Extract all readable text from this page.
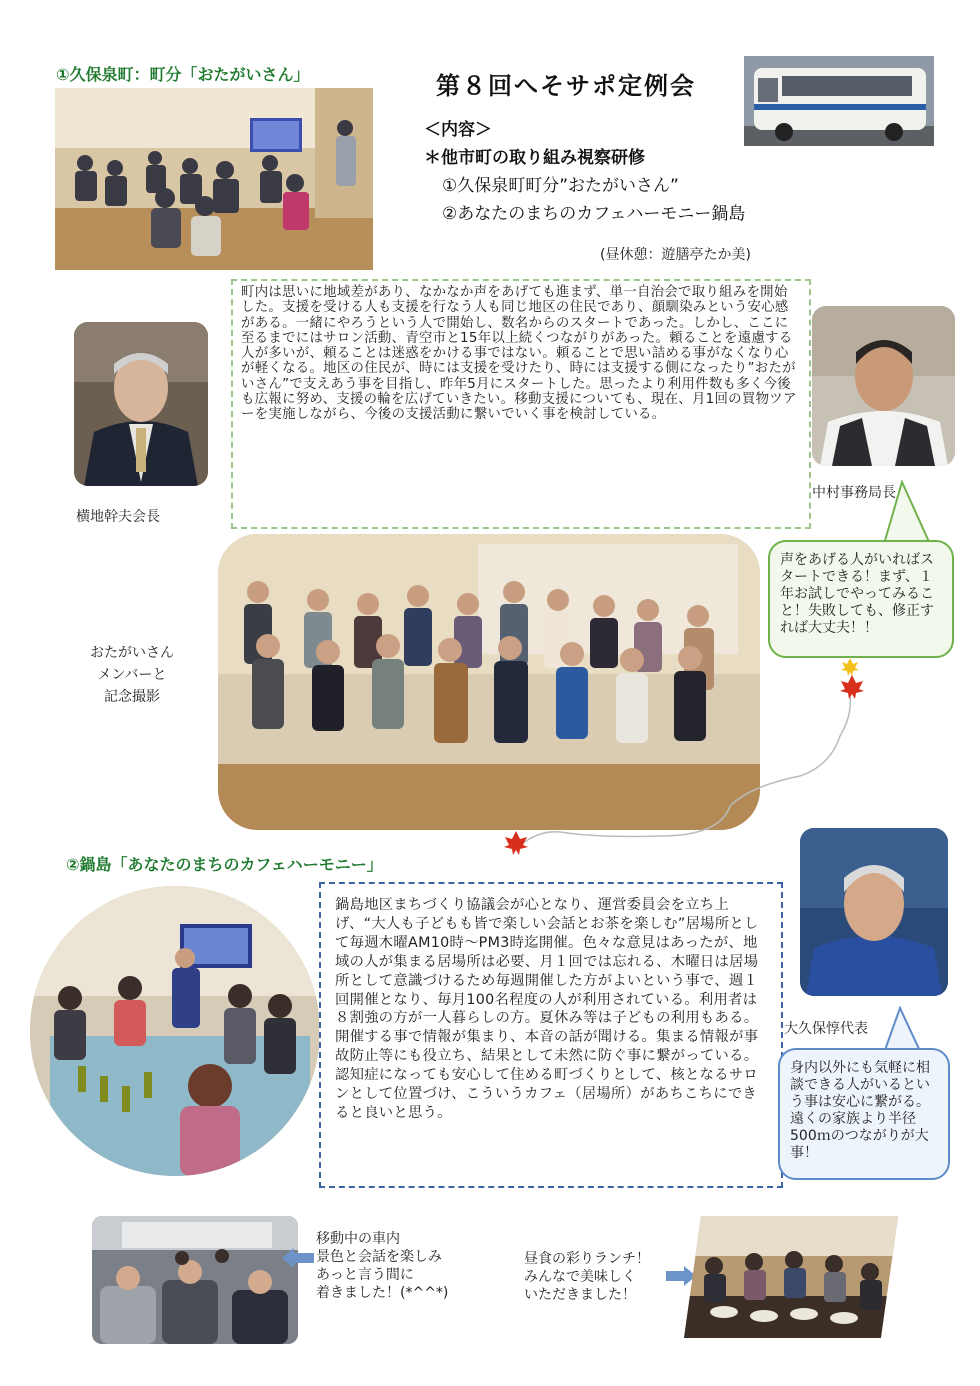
①久保泉町：町分「おたがいさん」	第８回へそサポ定例会
＜内容＞
＊他市町の取り組み視察研修
①久保泉町町分”おたがいさん”
②あなたのまちのカフェハーモニー鍋島
(昼休憩：遊膳亭たか美)
横地幹夫会長
町内は思いに地域差があり、なかなか声をあげても進まず、単一自治会で取り組みを開始した。支援を受ける人も支援を行なう人も同じ地区の住民であり、顔馴染みという安心感がある。一緒にやろうという人で開始し、数名からのスタートであった。しかし、ここに至るまでにはサロン活動、青空市と15年以上続くつながりがあった。頼ることを遠慮する人が多いが、頼ることは迷惑をかける事ではない。頼ることで思い詰める事がなくなり心が軽くなる。地区の住民が、時には支援を受けたり、時には支援する側になったり”おたがいさん”で支えあう事を目指し、昨年5月にスタートした。思ったより利用件数も多く今後も広報に努め、支援の輪を広げていきたい。移動支援についても、現在、月1回の買物ツアーを実施しながら、今後の支援活動に繋いでいく事を検討している。
中村事務局長
声をあげる人がいればスタートできる！まず、１年お試しでやってみること！失敗しても、修正すれば大丈夫！！
おたがいさん
メンバーと
記念撮影
②鍋島「あなたのまちのカフェハーモニー」
鍋島地区まちづくり協議会が心となり、運営委員会を立ち上げ、“大人も子どもも皆で楽しい会話とお茶を楽しむ”居場所として毎週木曜AM10時～PM3時迄開催。色々な意見はあったが、地域の人が集まる居場所は必要、月１回では忘れる、木曜日は居場所として意識づけるため毎週開催した方がよいという事で、週１回開催となり、毎月100名程度の人が利用されている。利用者は８割強の方が一人暮らしの方。夏休み等は子どもの利用もある。開催する事で情報が集まり、本音の話が聞ける。集まる情報が事故防止等にも役立ち、結果として未然に防ぐ事に繋がっている。認知症になっても安心して住める町づくりとして、核となるサロンとして位置づけ、こういうカフェ（居場所）があちこちにできると良いと思う。
大久保惇代表
身内以外にも気軽に相談できる人がいるという事は安心に繋がる。遠くの家族より半径500ｍのつながりが大事！
移動中の車内
景色と会話を楽しみ
あっと言う間に
着きました！(*^^*)
昼食の彩りランチ！
みんなで美味しく
いただきました！
